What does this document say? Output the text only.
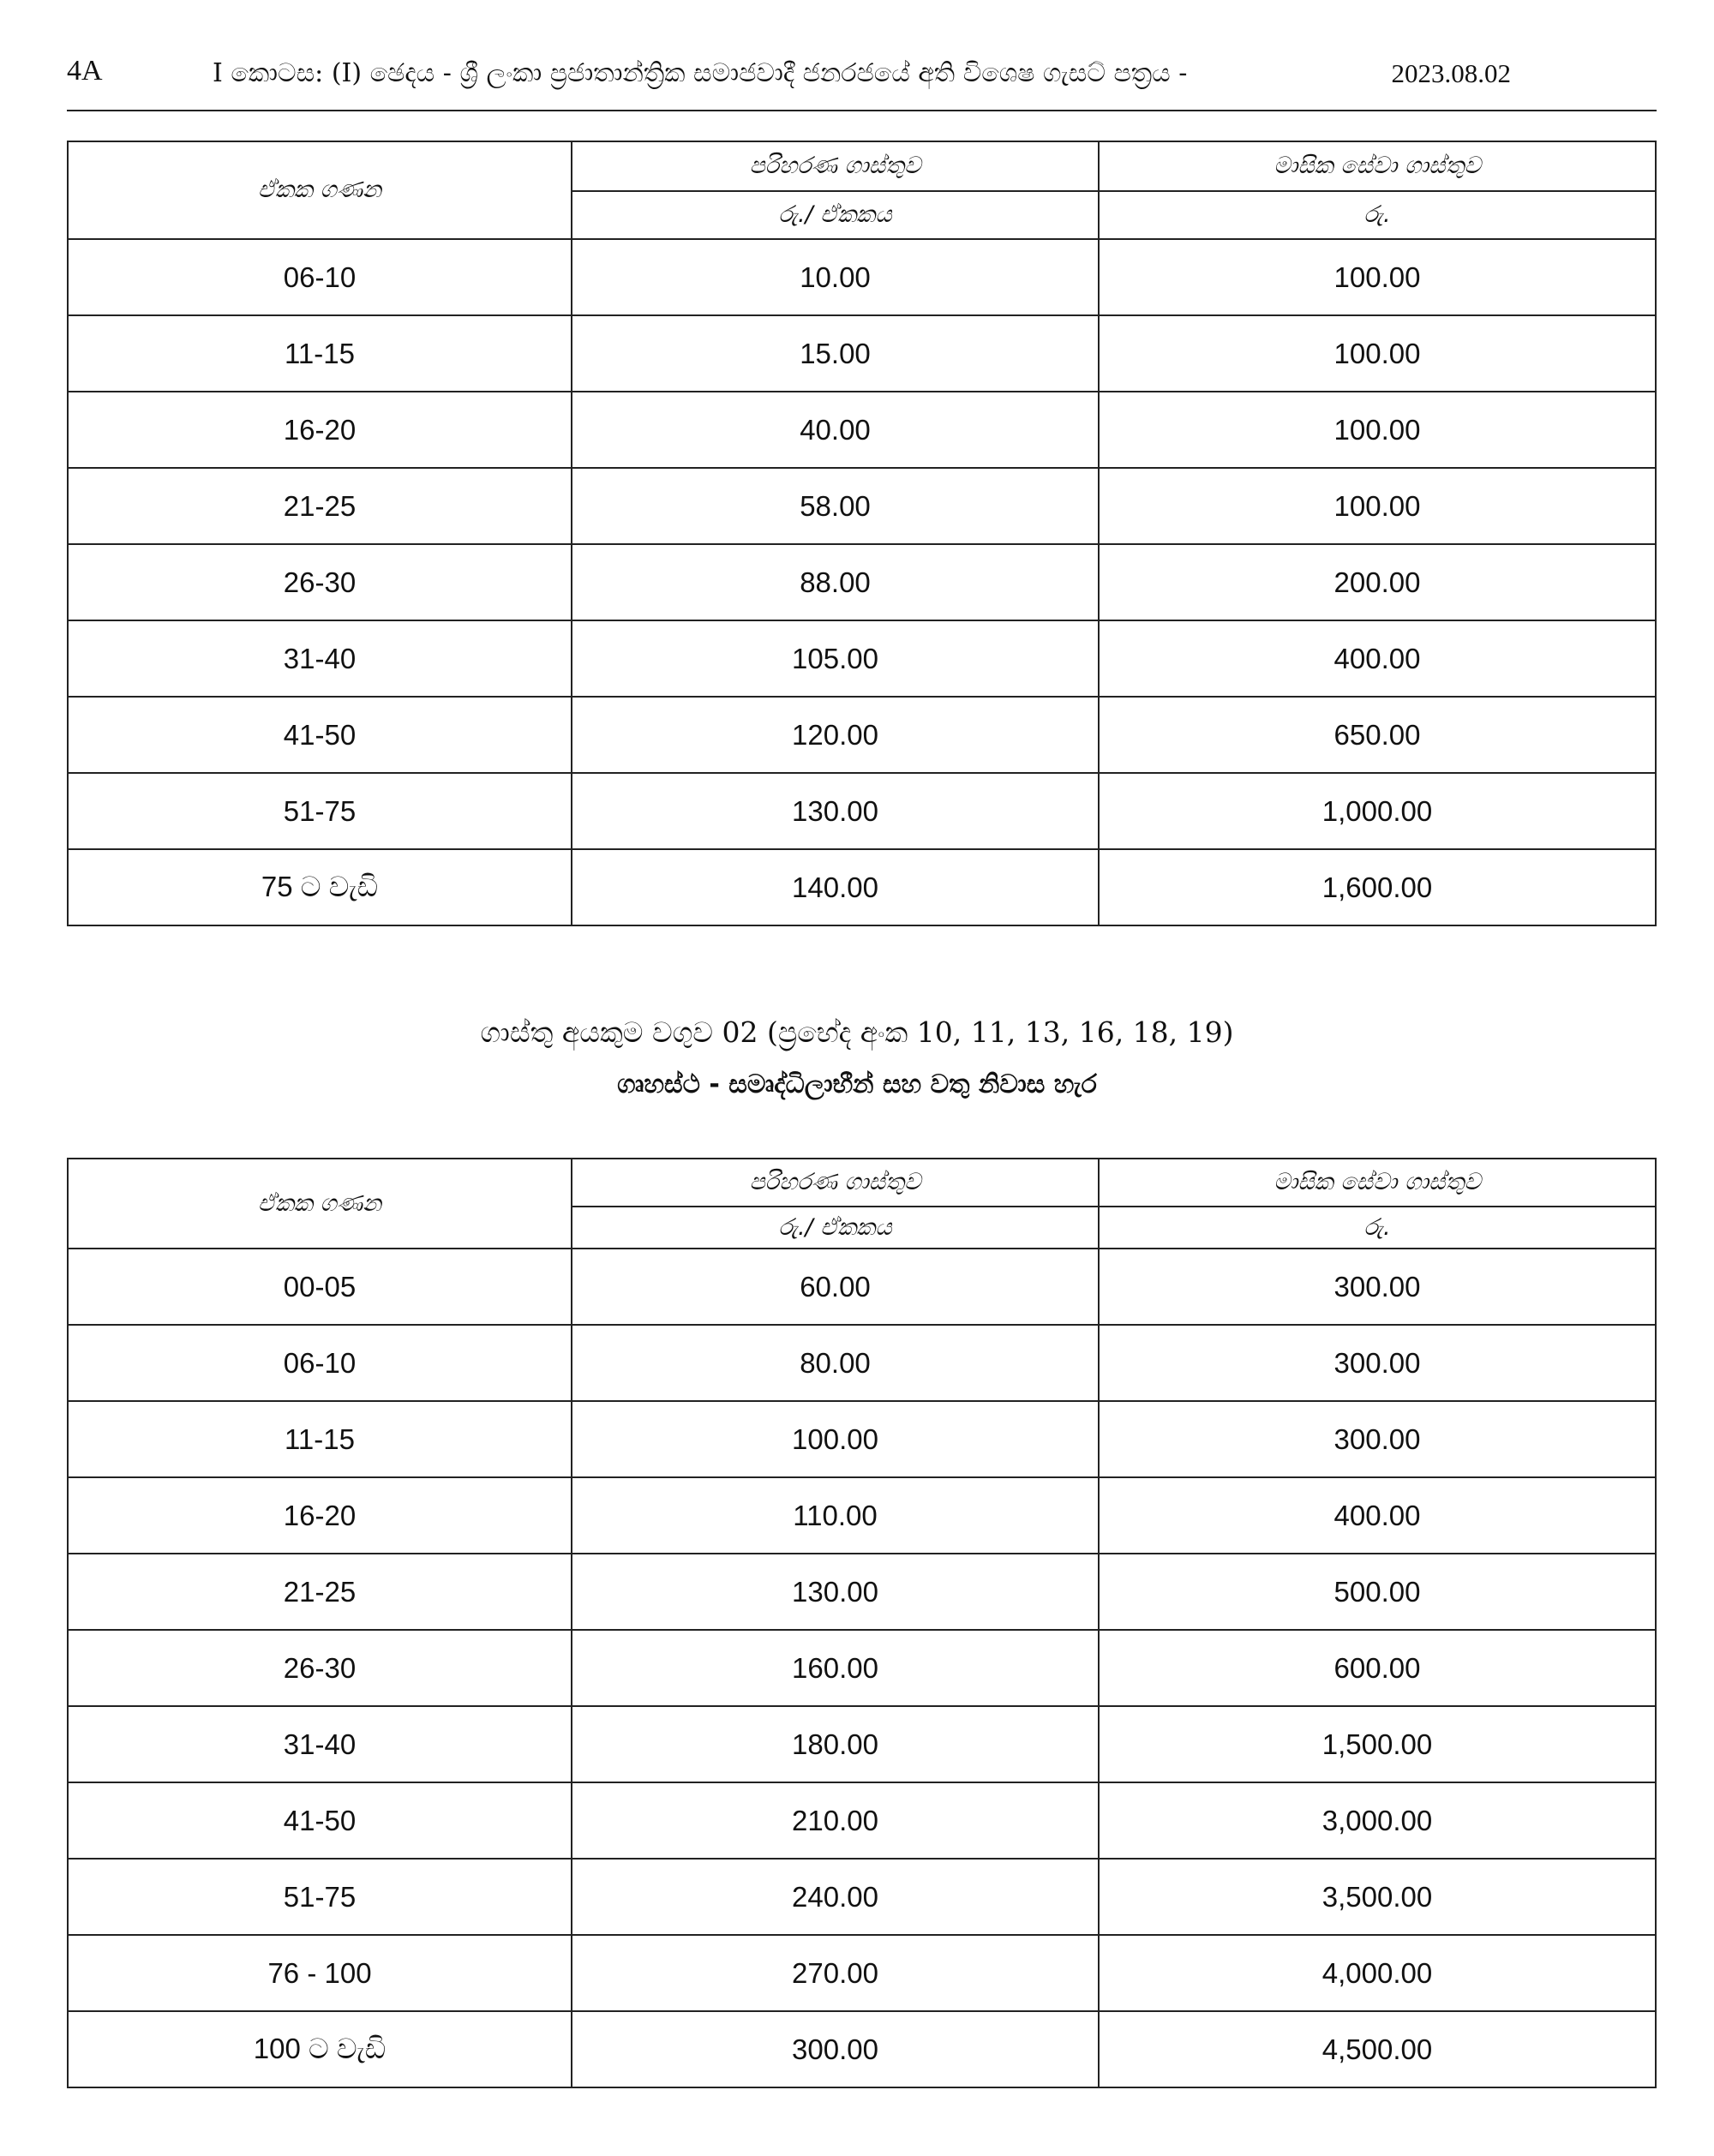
4A	I කොටස: (I) ඡෙදය - ශ්‍රී ලංකා ප්‍රජාතාන්ත්‍රික සමාජවාදී ජනරජයේ අති විශෙෂ ගැසට් පත්‍රය -	2023.08.02
ඒකක ගණන	පරිහරණ ගාස්තුව	මාසික සේවා ගාස්තුව
	රු./ ඒකකය	රු.
06-10	10.00	100.00
11-15	15.00	100.00
16-20	40.00	100.00
21-25	58.00	100.00
26-30	88.00	200.00
31-40	105.00	400.00
41-50	120.00	650.00
51-75	130.00	1,000.00
75 ට වැඩි	140.00	1,600.00
ගාස්තු අයකුම වගුව 02 (ප්‍රභේද අංක 10, 11, 13, 16, 18, 19)
ගෘහස්ථ - සමෘද්ධිලාභීන් සහ වතු නිවාස හැර
ඒකක ගණන	පරිහරණ ගාස්තුව	මාසික සේවා ගාස්තුව
	රු./ ඒකකය	රු.
00-05	60.00	300.00
06-10	80.00	300.00
11-15	100.00	300.00
16-20	110.00	400.00
21-25	130.00	500.00
26-30	160.00	600.00
31-40	180.00	1,500.00
41-50	210.00	3,000.00
51-75	240.00	3,500.00
76 - 100	270.00	4,000.00
100 ට වැඩි	300.00	4,500.00
